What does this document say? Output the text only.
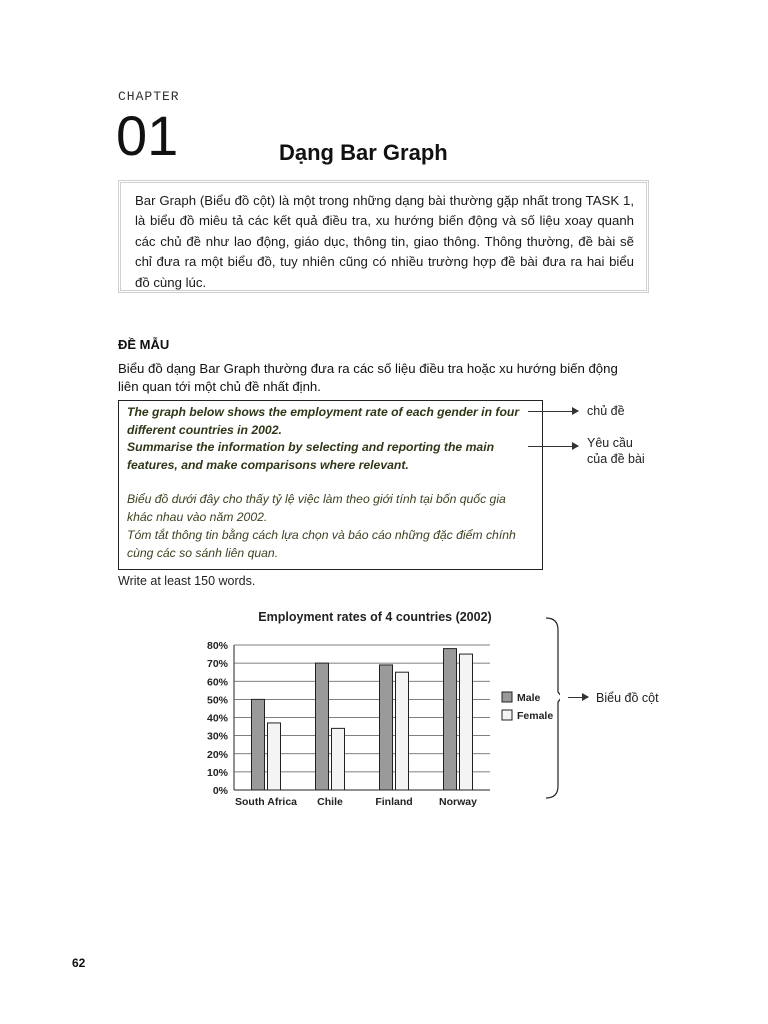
CHAPTER
01	Dạng Bar Graph

Bar Graph (Biểu đồ cột) là một trong những dạng bài thường gặp nhất trong TASK 1, là biểu đồ miêu tả các kết quả điều tra, xu hướng biến động và số liệu xoay quanh các chủ đề như lao động, giáo dục, thông tin, giao thông. Thông thường, đề bài sẽ chỉ đưa ra một biểu đồ, tuy nhiên cũng có nhiều trường hợp đề bài đưa ra hai biểu đồ cùng lúc.

ĐỀ MẪU

Biểu đồ dạng Bar Graph thường đưa ra các số liệu điều tra hoặc xu hướng biến động liên quan tới một chủ đề nhất định.

The graph below shows the employment rate of each gender in four different countries in 2002.
Summarise the information by selecting and reporting the main features, and make comparisons where relevant.

Biểu đồ dưới đây cho thấy tỷ lệ việc làm theo giới tính tại bốn quốc gia khác nhau vào năm 2002.
Tóm tắt thông tin bằng cách lựa chọn và báo cáo những đặc điểm chính cùng các so sánh liên quan.

chủ đề
Yêu cầu
của đề bài
Write at least 150 words.
Employment rates of 4 countries (2002)
0%
10%
20%
30%
40%
50%
60%
70%
80%
South Africa Chile	Finland	Norway
Male
Female
Biểu đồ cột
62
